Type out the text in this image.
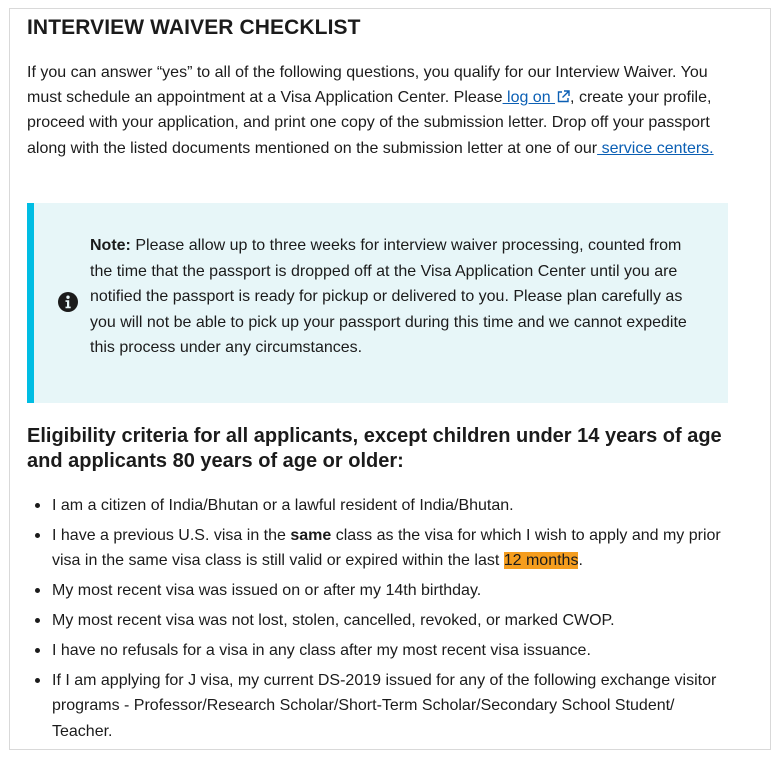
INTERVIEW WAIVER CHECKLIST

If you can answer “yes” to all of the following questions, you qualify for our Interview Waiver. You must schedule an appointment at a Visa Application Center. Please log on , create your profile, proceed with your application, and print one copy of the submission letter. Drop off your passport along with the listed documents mentioned on the submission letter at one of our service centers.

Note: Please allow up to three weeks for interview waiver processing, counted from the time that the passport is dropped off at the Visa Application Center until you are notified the passport is ready for pickup or delivered to you. Please plan carefully as you will not be able to pick up your passport during this time and we cannot expedite this process under any circumstances.

Eligibility criteria for all applicants, except children under 14 years of age and applicants 80 years of age or older:
I am a citizen of India/Bhutan or a lawful resident of India/Bhutan.
I have a previous U.S. visa in the same class as the visa for which I wish to apply and my prior visa in the same visa class is still valid or expired within the last 12 months.
My most recent visa was issued on or after my 14th birthday.
My most recent visa was not lost, stolen, cancelled, revoked, or marked CWOP.
I have no refusals for a visa in any class after my most recent visa issuance.
If I am applying for J visa, my current DS-2019 issued for any of the following exchange visitor programs - Professor/Research Scholar/Short-Term Scholar/Secondary School Student/ Teacher.
